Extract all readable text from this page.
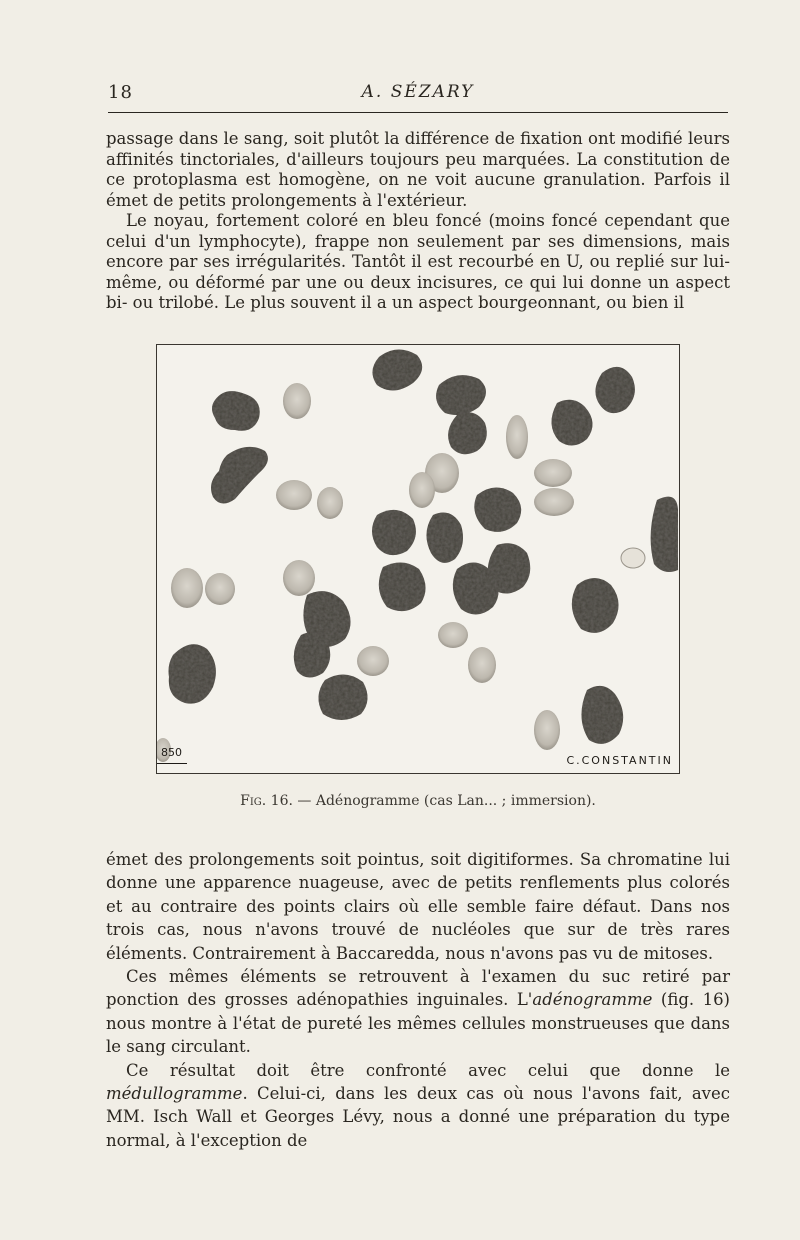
18	A. SÉZARY

passage dans le sang, soit plutôt la différence de fixation ont modifié leurs affinités tinctoriales, d'ailleurs toujours peu marquées. La constitution de ce protoplasma est homogène, on ne voit aucune granulation. Parfois il émet de petits prolongements à l'extérieur.

Le noyau, fortement coloré en bleu foncé (moins foncé cependant que celui d'un lymphocyte), frappe non seulement par ses dimensions, mais encore par ses irrégularités. Tantôt il est recourbé en U, ou replié sur lui-même, ou déformé par une ou deux incisures, ce qui lui donne un aspect bi- ou trilobé. Le plus souvent il a un aspect bourgeonnant, ou bien il

850
C.CONSTANTIN
Fig. 16. — Adénogramme (cas Lan... ; immersion).

émet des prolongements soit pointus, soit digitiformes. Sa chromatine lui donne une apparence nuageuse, avec de petits renflements plus colorés et au contraire des points clairs où elle semble faire défaut. Dans nos trois cas, nous n'avons trouvé de nucléoles que sur de très rares éléments. Contrairement à Baccaredda, nous n'avons pas vu de mitoses.

Ces mêmes éléments se retrouvent à l'examen du suc retiré par ponction des grosses adénopathies inguinales. L'adénogramme (fig. 16) nous montre à l'état de pureté les mêmes cellules monstrueuses que dans le sang circulant.

Ce résultat doit être confronté avec celui que donne le médullogramme. Celui-ci, dans les deux cas où nous l'avons fait, avec MM. Isch Wall et Georges Lévy, nous a donné une préparation du type normal, à l'exception de
